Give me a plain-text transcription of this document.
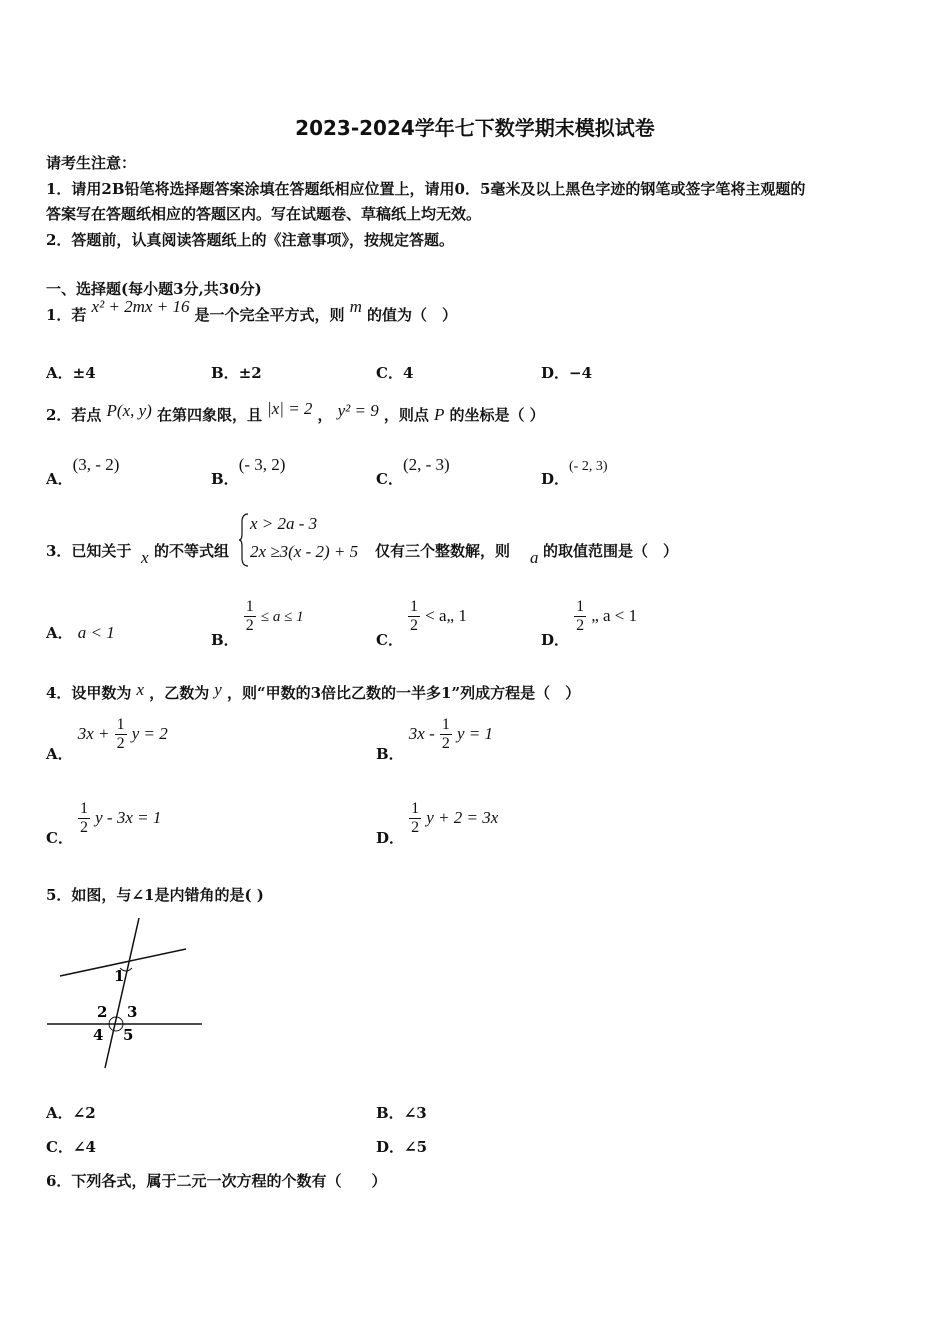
2023-2024学年七下数学期末模拟试卷
请考生注意：
1．请用2B铅笔将选择题答案涂填在答题纸相应位置上，请用0．5毫米及以上黑色字迹的钢笔或签字笔将主观题的
答案写在答题纸相应的答题区内。写在试题卷、草稿纸上均无效。
2．答题前，认真阅读答题纸上的《注意事项》，按规定答题。
一、选择题(每小题3分,共30分)
1．若 x² + 2mx + 16 是一个完全平方式，则 m 的值为（　）
A．±4	B．±2	C．4	D．−4
2．若点 P(x, y) 在第四象限，且 |x| = 2 ， y² = 9 ，则点 P 的坐标是（ ）
A．(3, - 2)
B．(- 3, 2)
C．(2, - 3)
D．(- 2, 3)
3．已知关于 x 的不等式组
x > 2a - 3
2x ≥3(x - 2) + 5 仅有三个整数解，则 a 的取值范围是（　）
A． a < 1	B．
$\frac{1}{2} \le a \le 1$
C．
$\frac{1}{2}$ < a„ 1
D．
$\frac{1}{2}$ „ a < 1
4．设甲数为 x ，乙数为 y ，则“甲数的3倍比乙数的一半多1”列成方程是（　）
A． $3x + \frac{1}{2}$ y = 2
B． $3x - \frac{1}{2}$ y = 1
C．
$\frac{1}{2}$ y - 3x = 1
D．
$\frac{1}{2}$ y + 2 = 3x
5．如图，与∠1是内错角的是( )
1
2 3
4 5
A．∠2	B．∠3
C．∠4	D．∠5
6．下列各式，属于二元一次方程的个数有（　　）
